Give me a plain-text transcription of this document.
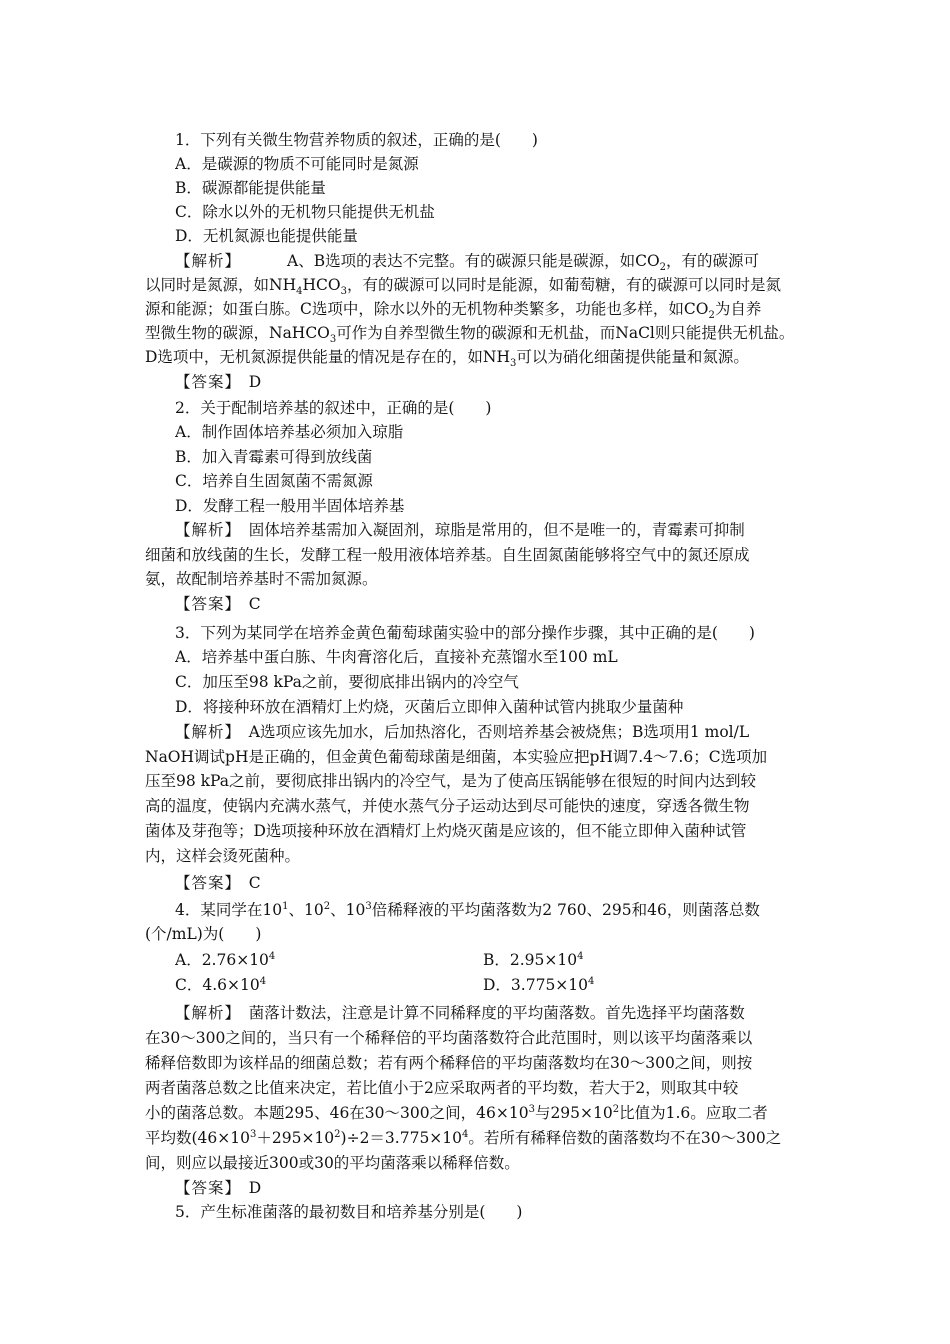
1．下列有关微生物营养物质的叙述，正确的是(　　)
A．是碳源的物质不可能同时是氮源
B．碳源都能提供能量
C．除水以外的无机物只能提供无机盐
D．无机氮源也能提供能量
【解析】	A、B选项的表达不完整。有的碳源只能是碳源，如$CO_2$，有的碳源可
以同时是氮源，如$NH_4HCO_3$，有的碳源可以同时是能源，如葡萄糖，有的碳源可以同时是氮
源和能源；如蛋白胨。C选项中，除水以外的无机物种类繁多，功能也多样，如$CO_2$为自养
型微生物的碳源，NaHCO$_3$可作为自养型微生物的碳源和无机盐，而NaCl则只能提供无机盐。
D选项中，无机氮源提供能量的情况是存在的，如$NH_3$可以为硝化细菌提供能量和氮源。
【答案】　 D
2．关于配制培养基的叙述中，正确的是(　　)
A．制作固体培养基必须加入琼脂
B．加入青霉素可得到放线菌
C．培养自生固氮菌不需氮源
D．发酵工程一般用半固体培养基
【解析】　 固体培养基需加入凝固剂，琼脂是常用的，但不是唯一的，青霉素可抑制
细菌和放线菌的生长，发酵工程一般用液体培养基。自生固氮菌能够将空气中的氮还原成
氨，故配制培养基时不需加氮源。
【答案】　 C
3．下列为某同学在培养金黄色葡萄球菌实验中的部分操作步骤，其中正确的是(　　)
A．培养基中蛋白胨、牛肉膏溶化后，直接补充蒸馏水至100 mL
C．加压至98 kPa之前，要彻底排出锅内的冷空气
D．将接种环放在酒精灯上灼烧，灭菌后立即伸入菌种试管内挑取少量菌种
【解析】　 A选项应该先加水，后加热溶化，否则培养基会被烧焦；B选项用1 mol/L
NaOH调试pH是正确的，但金黄色葡萄球菌是细菌，本实验应把pH调7.4～7.6；C选项加
压至98 kPa之前，要彻底排出锅内的冷空气，是为了使高压锅能够在很短的时间内达到较
高的温度，使锅内充满水蒸气，并使水蒸气分子运动达到尽可能快的速度，穿透各微生物
菌体及芽孢等；D选项接种环放在酒精灯上灼烧灭菌是应该的，但不能立即伸入菌种试管
内，这样会烫死菌种。
【答案】　 C
4．某同学在$10^1$、$10^2$、$10^3$倍稀释液的平均菌落数为2 760、295和46，则菌落总数
(个/mL)为(　　)
A．$2.76\times 10^4$	B．$2.95\times 10^4$
C．$4.6\times 10^4$	D．$3.775\times 10^4$
【解析】　 菌落计数法，注意是计算不同稀释度的平均菌落数。首先选择平均菌落数
在30～300之间的，当只有一个稀释倍的平均菌落数符合此范围时，则以该平均菌落乘以
稀释倍数即为该样品的细菌总数；若有两个稀释倍的平均菌落数均在30～300之间，则按
两者菌落总数之比值来决定，若比值小于2应采取两者的平均数，若大于2，则取其中较
小的菌落总数。本题295、46在30～300之间，$46\times 10^3$与$295\times 10^2$比值为1.6。应取二者
平均数$(46\times 10^3+295\times 10^2)\div 2=3.775\times 10^4$。若所有稀释倍数的菌落数均不在30～300之
间，则应以最接近300或30的平均菌落乘以稀释倍数。
【答案】　 D
5．产生标准菌落的最初数目和培养基分别是(　　)
